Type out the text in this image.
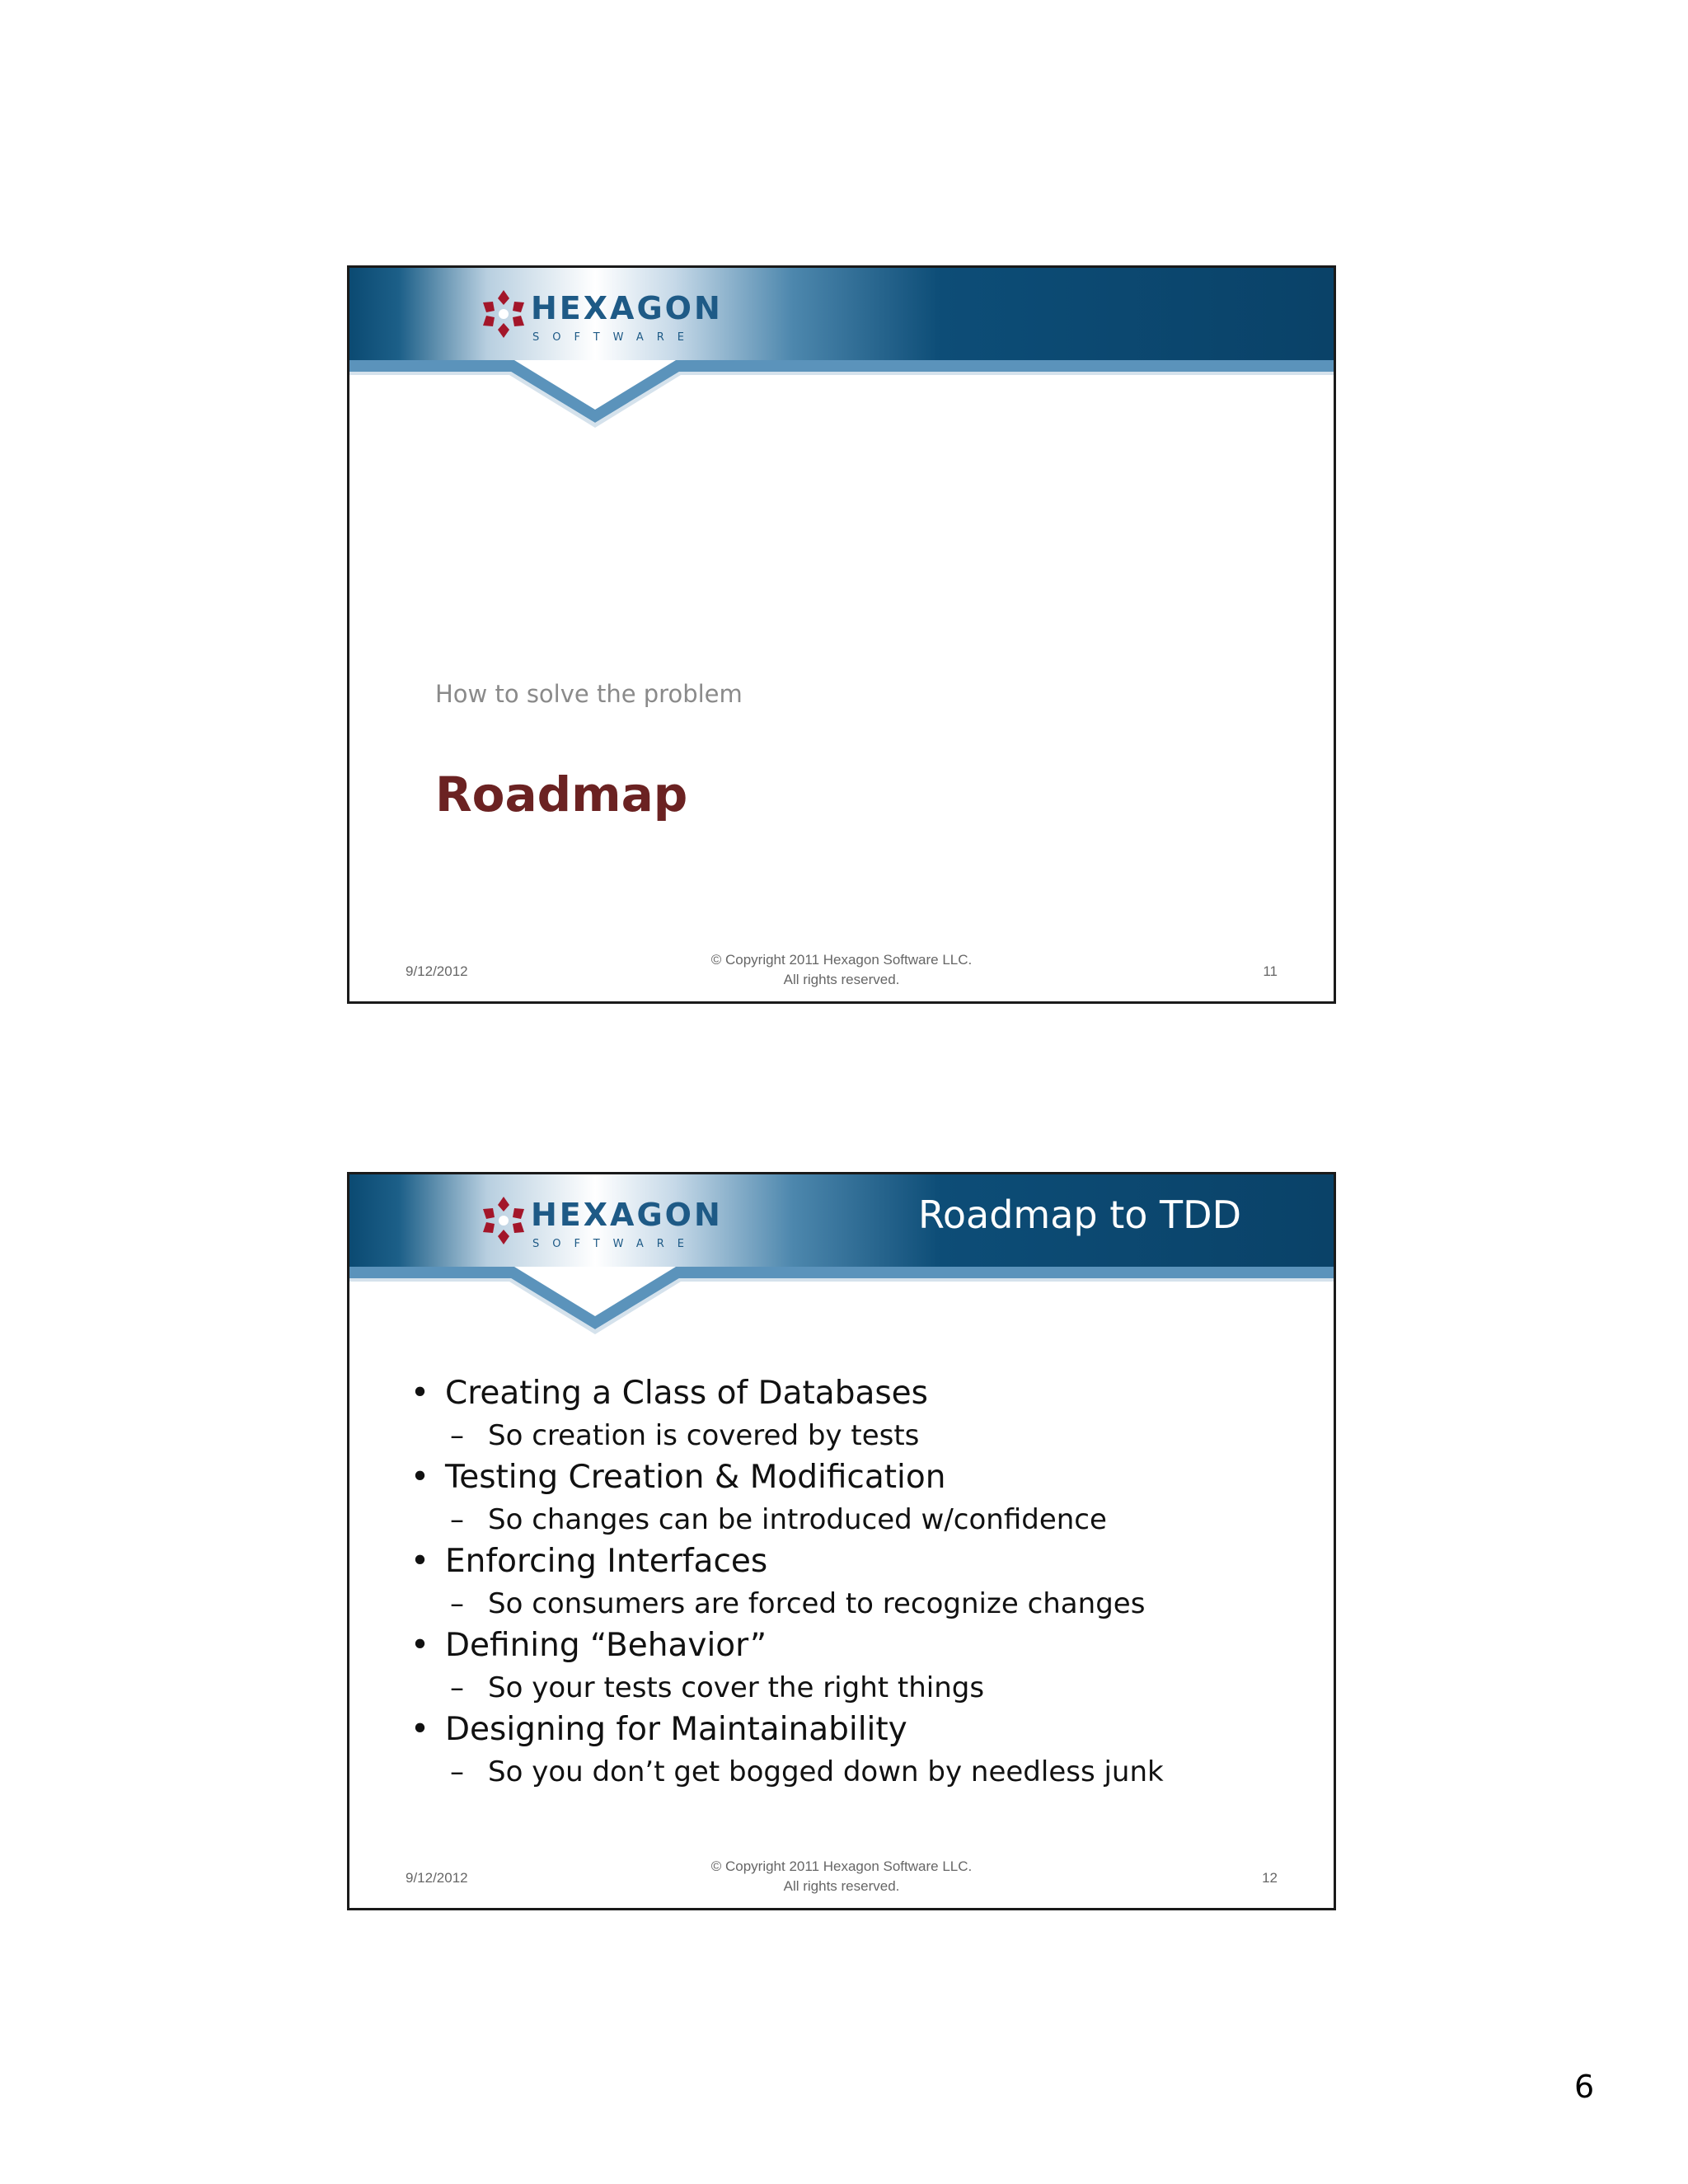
HEXAGON
SOFTWARE
How to solve the problem
Roadmap
9/12/2012
© Copyright 2011 Hexagon Software LLC.
All rights reserved.
11
HEXAGON
SOFTWARE
Roadmap to TDD
• Creating a Class of Databases
– So creation is covered by tests
• Testing Creation & Modification
– So changes can be introduced w/confidence
• Enforcing Interfaces
– So consumers are forced to recognize changes
• Defining “Behavior”
– So your tests cover the right things
• Designing for Maintainability
– So you don’t get bogged down by needless junk
9/12/2012
© Copyright 2011 Hexagon Software LLC.
All rights reserved.
12
6
